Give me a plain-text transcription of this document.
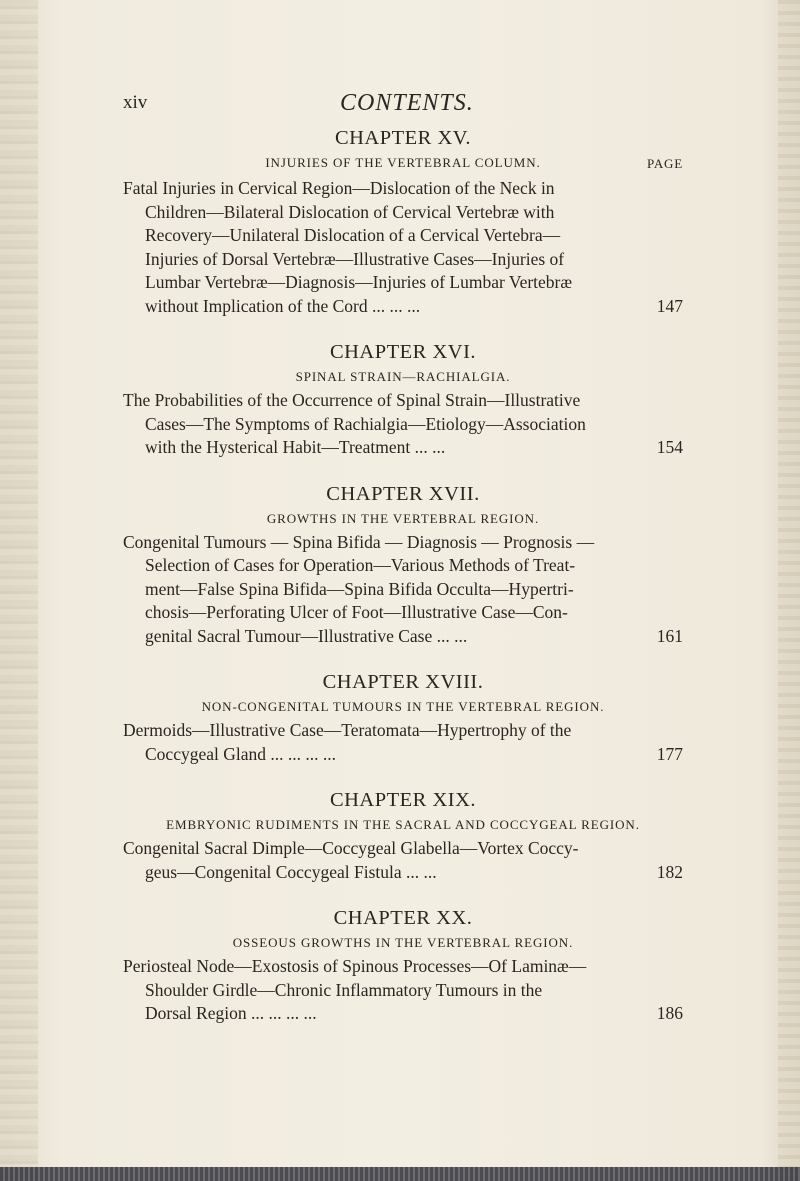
xiv	CONTENTS.
CHAPTER XV.
INJURIES OF THE VERTEBRAL COLUMN.	PAGE
Fatal Injuries in Cervical Region—Dislocation of the Neck in
Children—Bilateral Dislocation of Cervical Vertebræ with
Recovery—Unilateral Dislocation of a Cervical Vertebra—
Injuries of Dorsal Vertebræ—Illustrative Cases—Injuries of
Lumbar Vertebræ—Diagnosis—Injuries of Lumbar Vertebræ
without Implication of the Cord ... ... ...	147
CHAPTER XVI.
SPINAL STRAIN—RACHIALGIA.
The Probabilities of the Occurrence of Spinal Strain—Illustrative
Cases—The Symptoms of Rachialgia—Etiology—Association
with the Hysterical Habit—Treatment ... ...	154
CHAPTER XVII.
GROWTHS IN THE VERTEBRAL REGION.
Congenital Tumours — Spina Bifida — Diagnosis — Prognosis —
Selection of Cases for Operation—Various Methods of Treat-
ment—False Spina Bifida—Spina Bifida Occulta—Hypertri-
chosis—Perforating Ulcer of Foot—Illustrative Case—Con-
genital Sacral Tumour—Illustrative Case ... ...	161
CHAPTER XVIII.
NON-CONGENITAL TUMOURS IN THE VERTEBRAL REGION.
Dermoids—Illustrative Case—Teratomata—Hypertrophy of the
Coccygeal Gland ... ... ... ...	177
CHAPTER XIX.
EMBRYONIC RUDIMENTS IN THE SACRAL AND COCCYGEAL REGION.
Congenital Sacral Dimple—Coccygeal Glabella—Vortex Coccy-
geus—Congenital Coccygeal Fistula ... ...	182
CHAPTER XX.
OSSEOUS GROWTHS IN THE VERTEBRAL REGION.
Periosteal Node—Exostosis of Spinous Processes—Of Laminæ—
Shoulder Girdle—Chronic Inflammatory Tumours in the
Dorsal Region ... ... ... ...	186
